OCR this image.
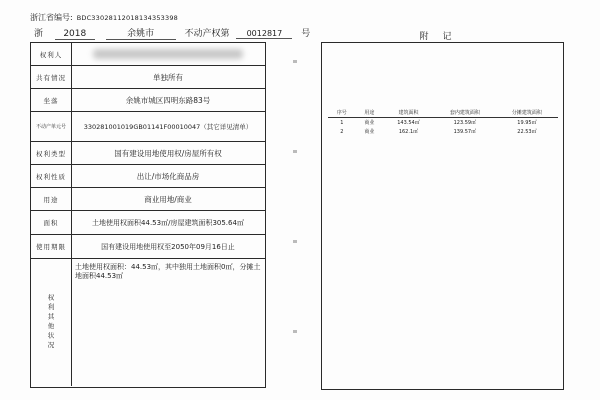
浙江省编号: BDC33028112018134353398
浙 2018	余姚市	不动产权第 0012817 号
权利人
共有情况	单独所有
坐落	余姚市城区四明东路83号
不动产单元号	330281001019GB01141F00010047（其它详见清单）
权利类型	国有建设用地使用权/房屋所有权
权利性质	出让/市场化商品房
用途	商业用地/商业
面积	土地使用权面积44.53㎡/房屋建筑面积305.64㎡
使用期限	国有建设用地使用权至2050年09月16日止
权利其他状况
土地使用权面积：44.53㎡，其中独用土地面积0㎡，分摊土地面积44.53㎡
附记
序号	用途	建筑面积	套内建筑面积	分摊建筑面积
1	商业	143.54㎡	123.59㎡	19.95㎡
2	商业	162.1㎡	139.57㎡	22.53㎡
